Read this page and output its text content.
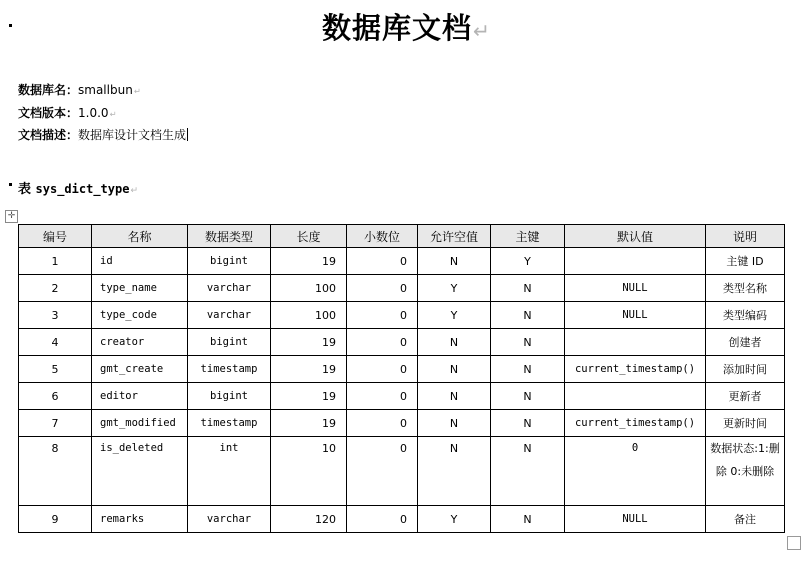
数据库文档↵
数据库名：smallbun↵
文档版本：1.0.0↵
文档描述：数据库设计文档生成
表 sys_dict_type↵
✛
编号	名称	数据类型	长度	小数位	允许空值	主键	默认值	说明
1	id	bigint	19	0	N	Y		主键 ID
2	type_name	varchar	100	0	Y	N	NULL	类型名称
3	type_code	varchar	100	0	Y	N	NULL	类型编码
4	creator	bigint	19	0	N	N		创建者
5	gmt_create	timestamp	19	0	N	N	current_timestamp()	添加时间
6	editor	bigint	19	0	N	N		更新者
7	gmt_modified	timestamp	19	0	N	N	current_timestamp()	更新时间
8	is_deleted	int	10	0	N	N	0	数据状态:1:删除 0:未删除
9	remarks	varchar	120	0	Y	N	NULL	备注
